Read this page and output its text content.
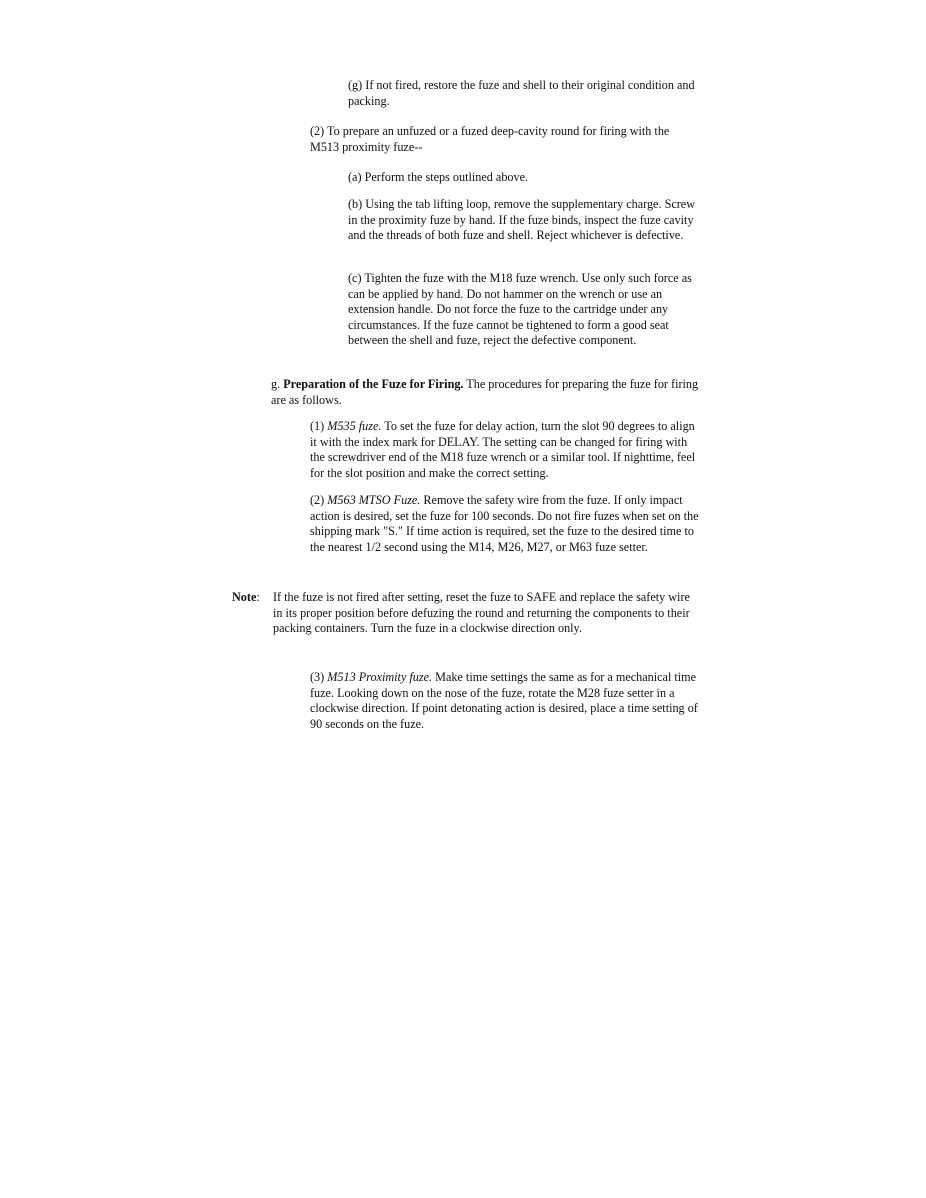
(g) If not fired, restore the fuze and shell to their original condition and packing.

(2) To prepare an unfuzed or a fuzed deep-cavity round for firing with the M513 proximity fuze--

(a) Perform the steps outlined above.

(b) Using the tab lifting loop, remove the supplementary charge. Screw in the proximity fuze by hand. If the fuze binds, inspect the fuze cavity and the threads of both fuze and shell. Reject whichever is defective.

(c) Tighten the fuze with the M18 fuze wrench. Use only such force as can be applied by hand. Do not hammer on the wrench or use an extension handle. Do not force the fuze to the cartridge under any circumstances. If the fuze cannot be tightened to form a good seat between the shell and fuze, reject the defective component.

g. Preparation of the Fuze for Firing. The procedures for preparing the fuze for firing are as follows.

(1) M535 fuze. To set the fuze for delay action, turn the slot 90 degrees to align it with the index mark for DELAY. The setting can be changed for firing with the screwdriver end of the M18 fuze wrench or a similar tool. If nighttime, feel for the slot position and make the correct setting.

(2) M563 MTSO Fuze. Remove the safety wire from the fuze. If only impact action is desired, set the fuze for 100 seconds. Do not fire fuzes when set on the shipping mark "S." If time action is required, set the fuze to the desired time to the nearest 1/2 second using the M14, M26, M27, or M63 fuze setter.

Note: If the fuze is not fired after setting, reset the fuze to SAFE and replace the safety wire in its proper position before defuzing the round and returning the components to their packing containers. Turn the fuze in a clockwise direction only.

(3) M513 Proximity fuze. Make time settings the same as for a mechanical time fuze. Looking down on the nose of the fuze, rotate the M28 fuze setter in a clockwise direction. If point detonating action is desired, place a time setting of 90 seconds on the fuze.
